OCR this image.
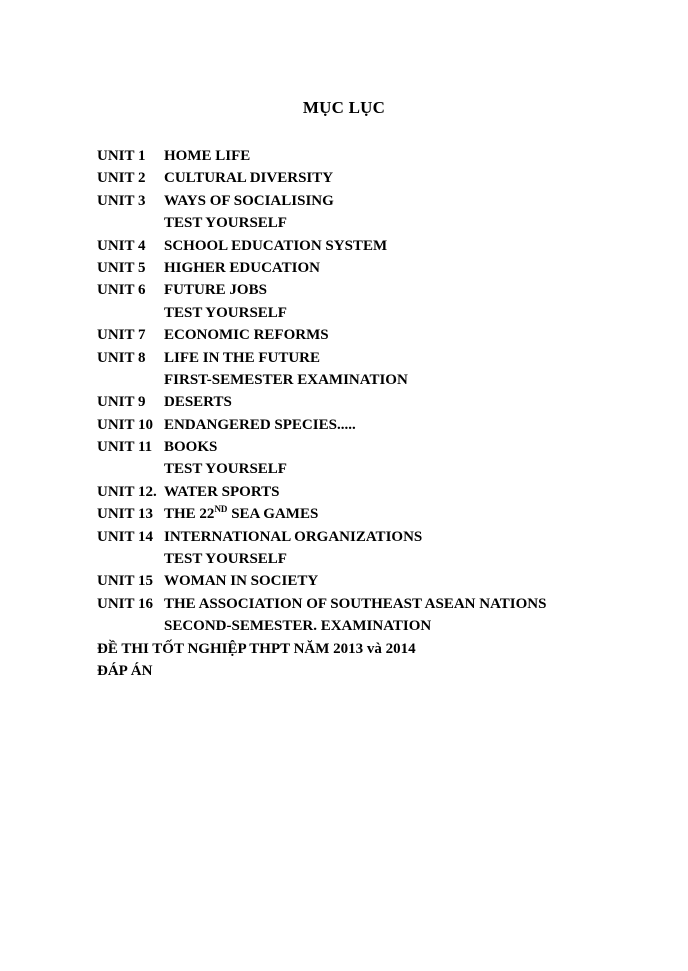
MỤC LỤC
UNIT 1	HOME LIFE
UNIT 2	CULTURAL DIVERSITY
UNIT 3	WAYS OF SOCIALISING
TEST YOURSELF
UNIT 4	SCHOOL EDUCATION SYSTEM
UNIT 5	HIGHER EDUCATION
UNIT 6	FUTURE JOBS
TEST YOURSELF
UNIT 7	ECONOMIC REFORMS
UNIT 8	LIFE IN THE FUTURE
FIRST-SEMESTER EXAMINATION
UNIT 9	DESERTS
UNIT 10 ENDANGERED SPECIES.....
UNIT 11 BOOKS
TEST YOURSELF
UNIT 12. WATER SPORTS
UNIT 13 THE 22ND SEA GAMES
UNIT 14 INTERNATIONAL ORGANIZATIONS
TEST YOURSELF
UNIT 15 WOMAN IN SOCIETY
UNIT 16 THE ASSOCIATION OF SOUTHEAST ASEAN NATIONS
SECOND-SEMESTER. EXAMINATION
ĐỀ THI TỐT NGHIỆP THPT NĂM 2013 và 2014
ĐÁP ÁN
